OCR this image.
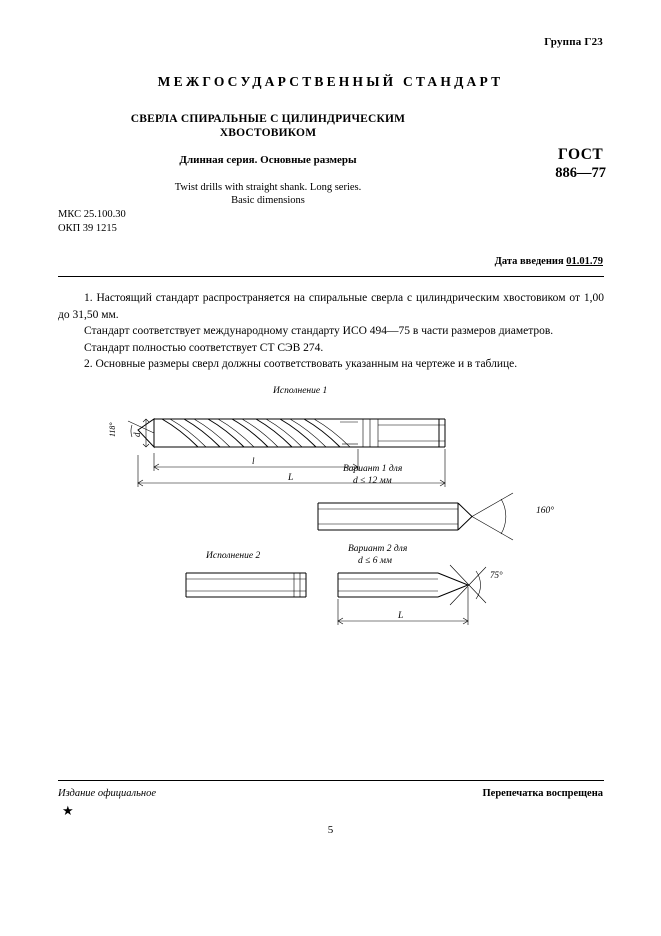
Группа Г23
МЕЖГОСУДАРСТВЕННЫЙ СТАНДАРТ
СВЕРЛА СПИРАЛЬНЫЕ С ЦИЛИНДРИЧЕСКИМ
ХВОСТОВИКОМ
Длинная серия. Основные размеры
Twist drills with straight shank. Long series.
Basic dimensions
ГОСТ
886—77
МКС 25.100.30
ОКП 39 1215
Дата введения 01.01.79

1. Настоящий стандарт распространяется на спиральные сверла с цилиндрическим хвостовиком от 1,00 до 31,50 мм.

Стандарт соответствует международному стандарту ИСО 494—75 в части размеров диаметров.

Стандарт полностью соответствует СТ СЭВ 274.

2. Основные размеры сверл должны соответствовать указанным на чертеже и в таблице.

Исполнение 1
118° d
l
L
Вариант 1 для
d ≤ 12 мм
160°
Исполнение 2
Вариант 2 для
d ≤ 6 мм
75°
L
Издание официальное	Перепечатка воспрещена
★
5
